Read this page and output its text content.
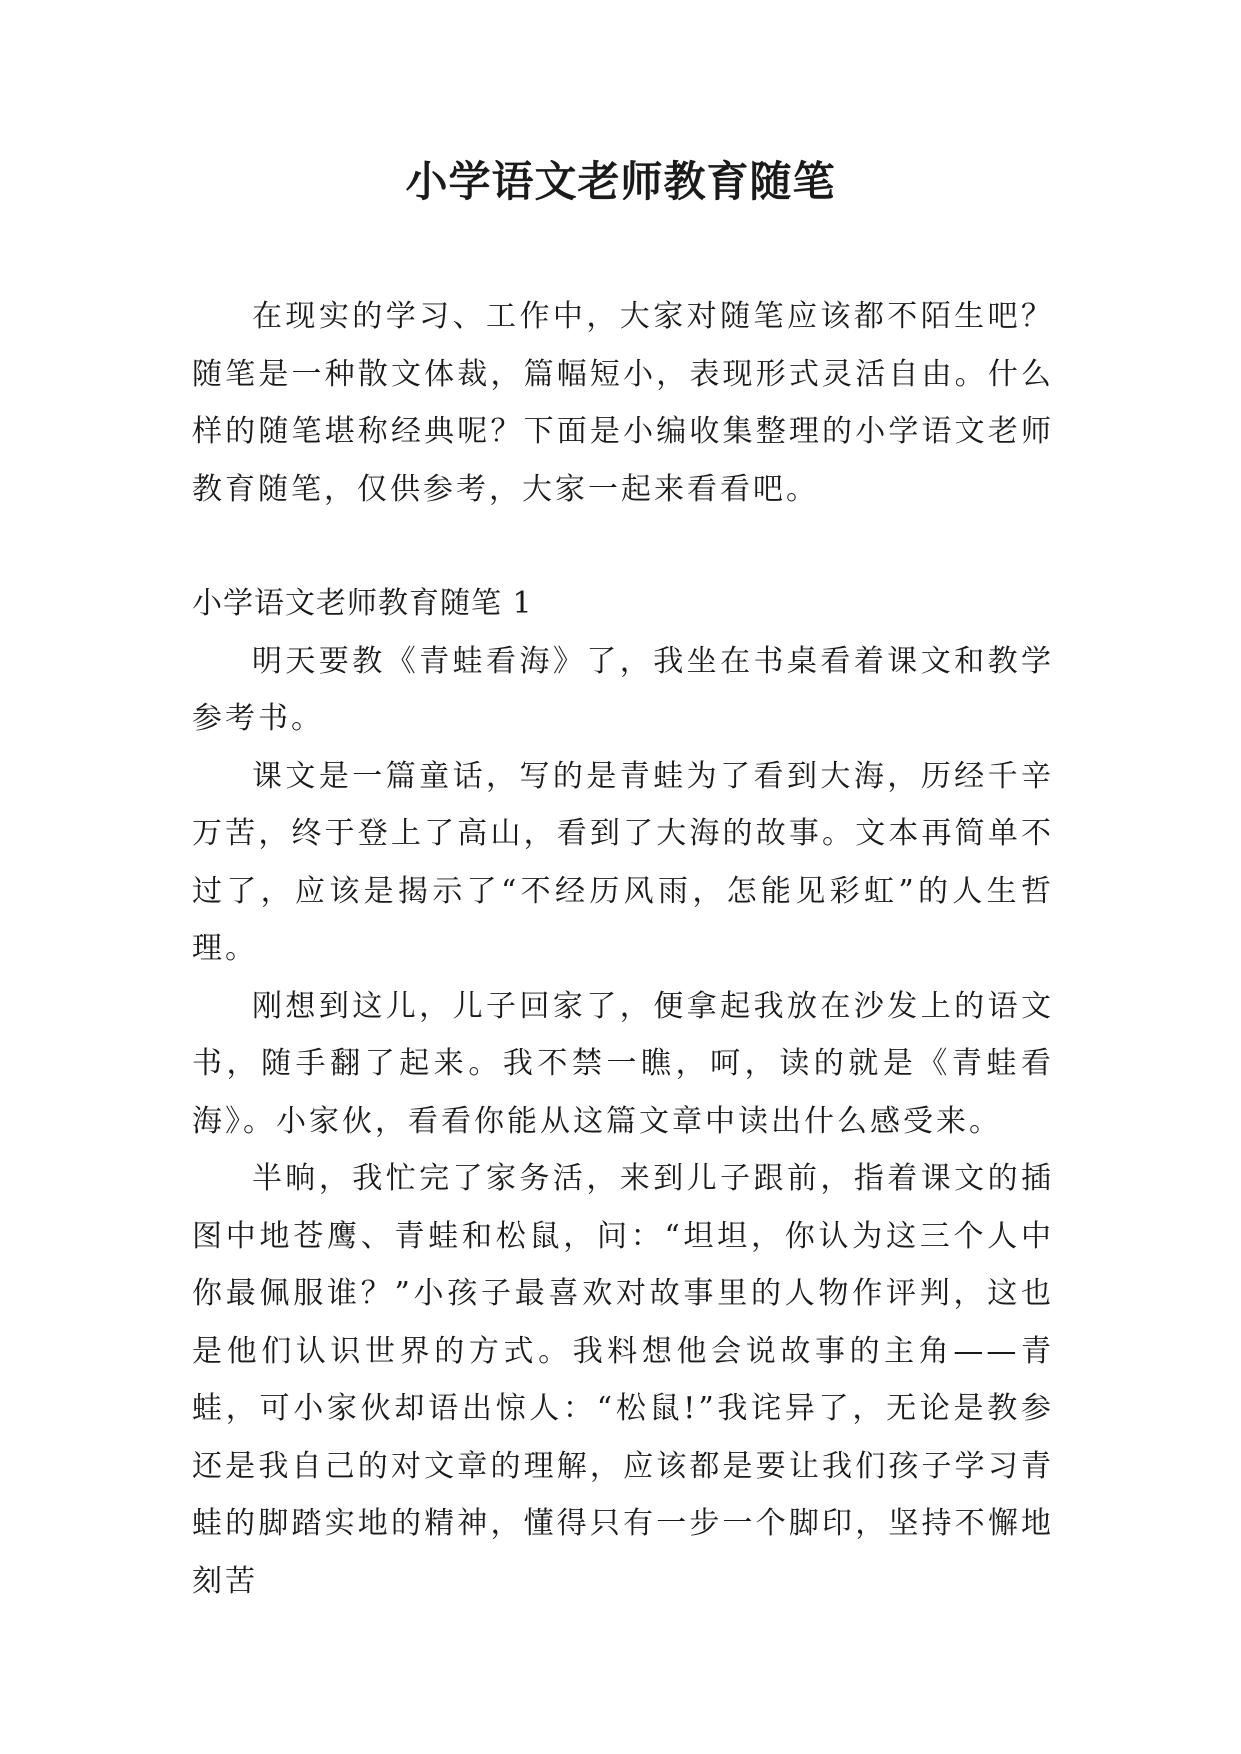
小学语文老师教育随笔

在现实的学习、工作中，大家对随笔应该都不陌生吧？随笔是一种散文体裁，篇幅短小，表现形式灵活自由。什么样的随笔堪称经典呢？下面是小编收集整理的小学语文老师教育随笔，仅供参考，大家一起来看看吧。

小学语文老师教育随笔 1

明天要教《青蛙看海》了，我坐在书桌看着课文和教学参考书。

课文是一篇童话，写的是青蛙为了看到大海，历经千辛万苦，终于登上了高山，看到了大海的故事。文本再简单不过了，应该是揭示了“不经历风雨，怎能见彩虹”的人生哲理。

刚想到这儿，儿子回家了，便拿起我放在沙发上的语文书，随手翻了起来。我不禁一瞧，呵，读的就是《青蛙看海》。小家伙，看看你能从这篇文章中读出什么感受来。

半晌，我忙完了家务活，来到儿子跟前，指着课文的插图中地苍鹰、青蛙和松鼠，问：“坦坦，你认为这三个人中你最佩服谁？”小孩子最喜欢对故事里的人物作评判，这也是他们认识世界的方式。我料想他会说故事的主角——青蛙，可小家伙却语出惊人：“松鼠!”我诧异了，无论是教参还是我自己的对文章的理解，应该都是要让我们孩子学习青蛙的脚踏实地的精神，懂得只有一步一个脚印，坚持不懈地刻苦
